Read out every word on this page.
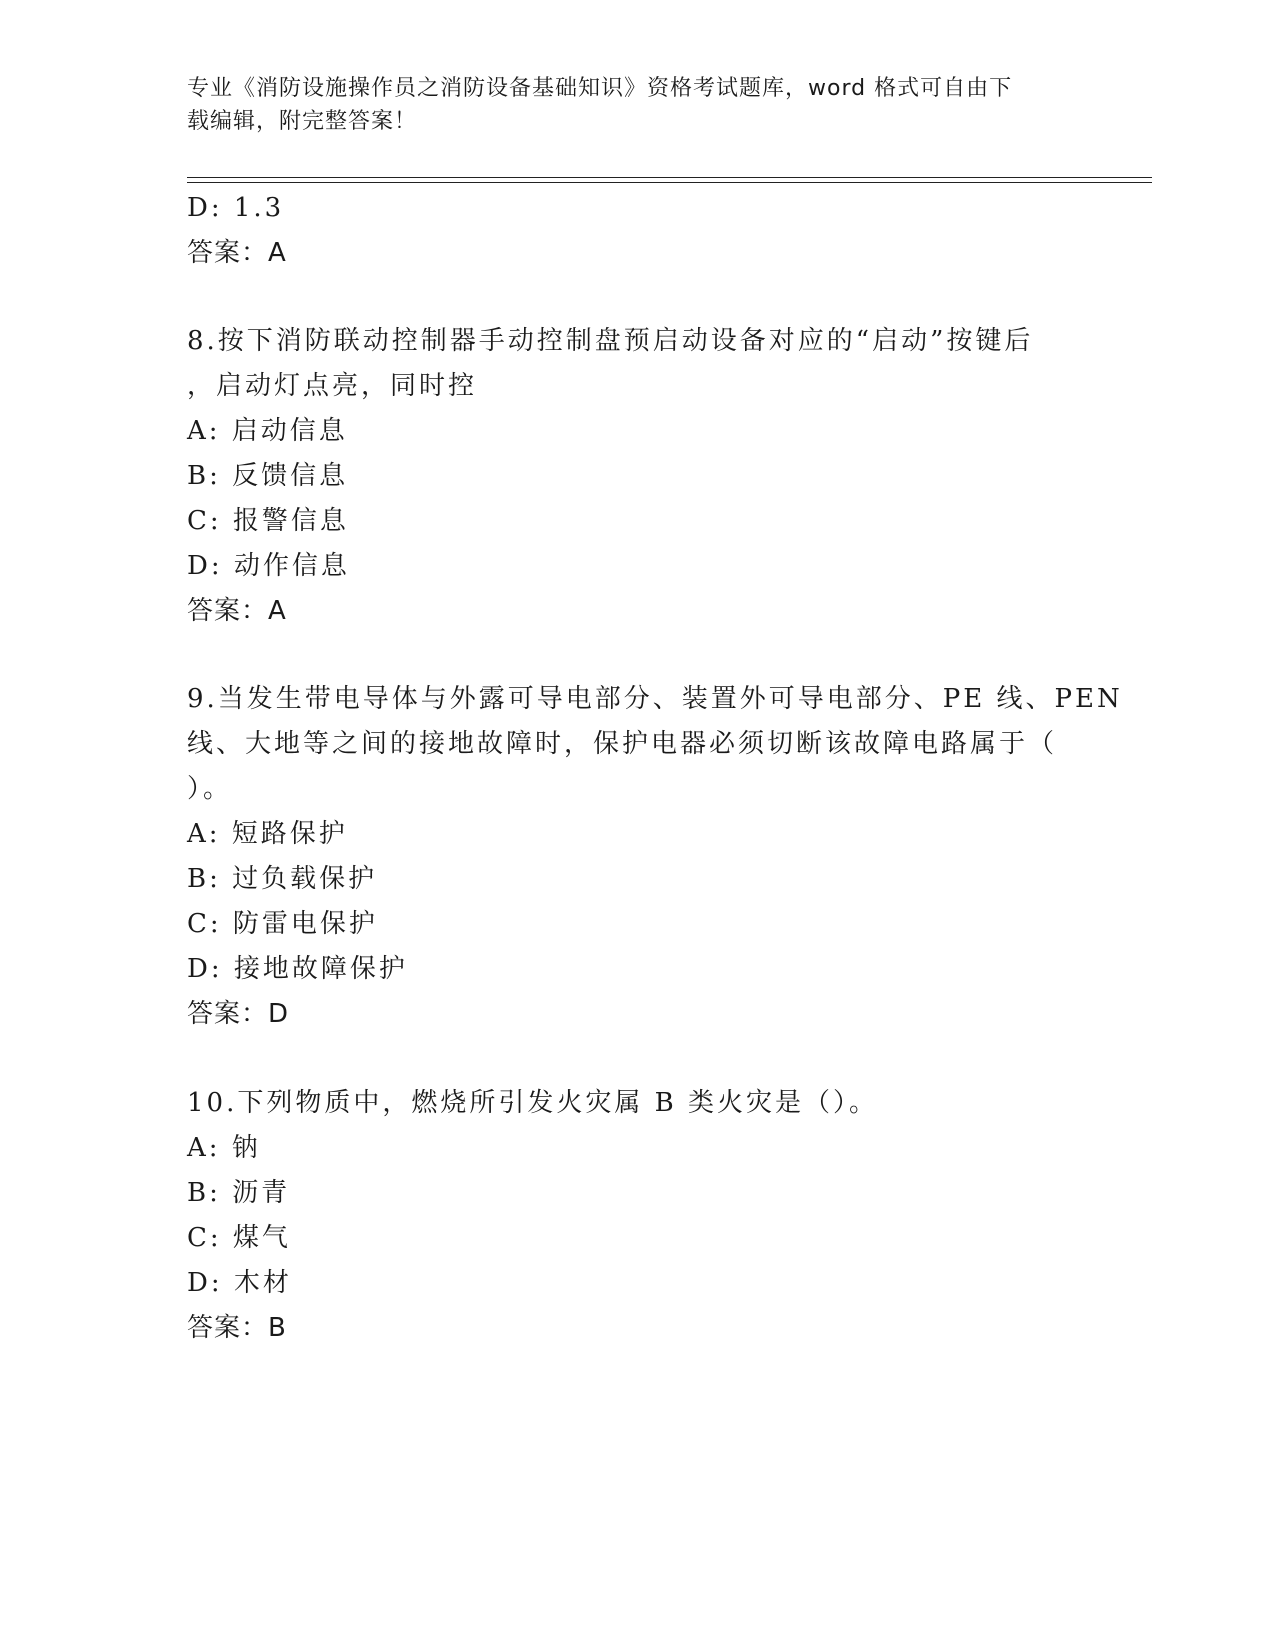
专业《消防设施操作员之消防设备基础知识》资格考试题库，word 格式可自由下
载编辑，附完整答案！
D: 1.3
答案：A
8.按下消防联动控制器手动控制盘预启动设备对应的“启动”按键后
，启动灯点亮，同时控
A: 启动信息
B: 反馈信息
C: 报警信息
D: 动作信息
答案：A
9.当发生带电导体与外露可导电部分、装置外可导电部分、PE 线、PEN
线、大地等之间的接地故障时，保护电器必须切断该故障电路属于（
）。
A: 短路保护
B: 过负载保护
C: 防雷电保护
D: 接地故障保护
答案：D
10.下列物质中，燃烧所引发火灾属 B 类火灾是（）。
A: 钠
B: 沥青
C: 煤气
D: 木材
答案：B
